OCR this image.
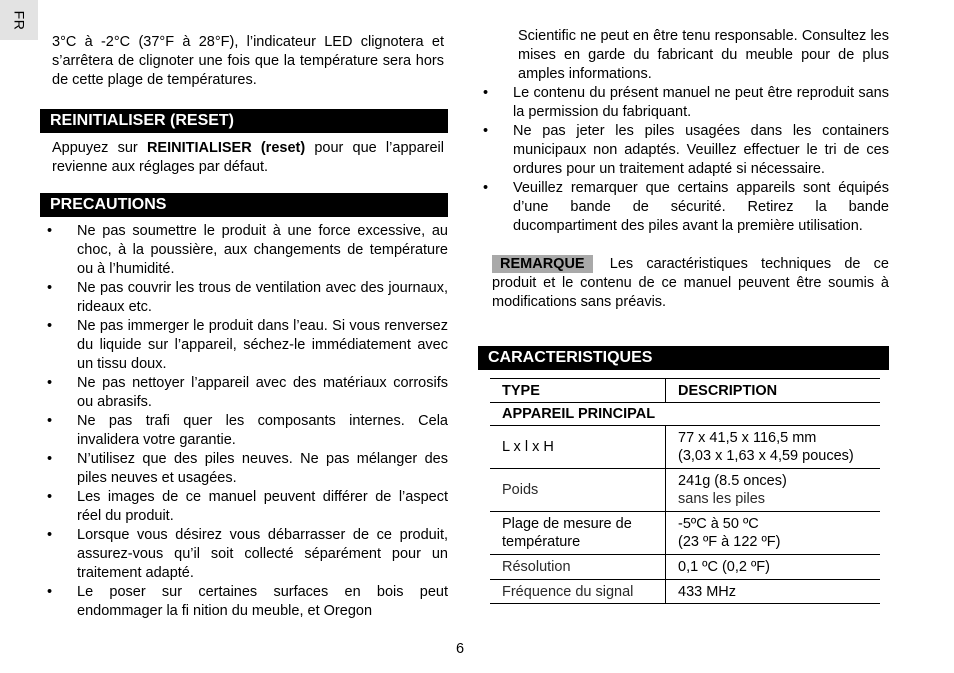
FR

3°C à -2°C (37°F à 28°F), l’indicateur LED clignotera et s’arrêtera de clignoter une fois que la température sera hors de cette plage de températures.

REINITIALISER (RESET)

Appuyez sur REINITIALISER (reset) pour que l’appareil revienne aux réglages par défaut.

PRECAUTIONS
• Ne pas soumettre le produit à une force excessive, au choc, à la poussière, aux changements de température ou à l’humidité.
• Ne pas couvrir les trous de ventilation avec des journaux, rideaux etc.
• Ne pas immerger le produit dans l’eau. Si vous renversez du liquide sur l’appareil, séchez-le immédiatement avec un tissu doux.
• Ne pas nettoyer l’appareil avec des matériaux corrosifs ou abrasifs.
• Ne pas trafi quer les composants internes. Cela invalidera votre garantie.
• N’utilisez que des piles neuves. Ne pas mélanger des piles neuves et usagées.
• Les images de ce manuel peuvent différer de l’aspect réel du produit.
• Lorsque vous désirez vous débarrasser de ce produit, assurez-vous qu’il soit collecté séparément pour un traitement adapté.
• Le poser sur certaines surfaces en bois peut endommager la fi nition du meuble, et Oregon

Scientific ne peut en être tenu responsable. Consultez les mises en garde du fabricant du meuble pour de plus amples informations.

• Le contenu du présent manuel ne peut être reproduit sans la permission du fabriquant.
• Ne pas jeter les piles usagées dans les containers municipaux non adaptés. Veuillez effectuer le tri de ces ordures pour un traitement adapté si nécessaire.
• Veuillez remarquer que certains appareils sont équipés d’une bande de sécurité. Retirez la bande ducompartiment des piles avant la première utilisation.

REMARQUE Les caractéristiques techniques de ce produit et le contenu de ce manuel peuvent être soumis à modifications sans préavis.

CARACTERISTIQUES
TYPE	DESCRIPTION
APPAREIL PRINCIPAL	
L x l x H	77 x 41,5 x 116,5 mm
(3,03 x 1,63 x 4,59 pouces)

Poids	241g (8.5 onces)
sans les piles

Plage de mesure de température	-5ºC à 50 ºC
(23 ºF à 122 ºF)

Résolution	0,1 ºC (0,2 ºF)
Fréquence du signal	433 MHz
6
